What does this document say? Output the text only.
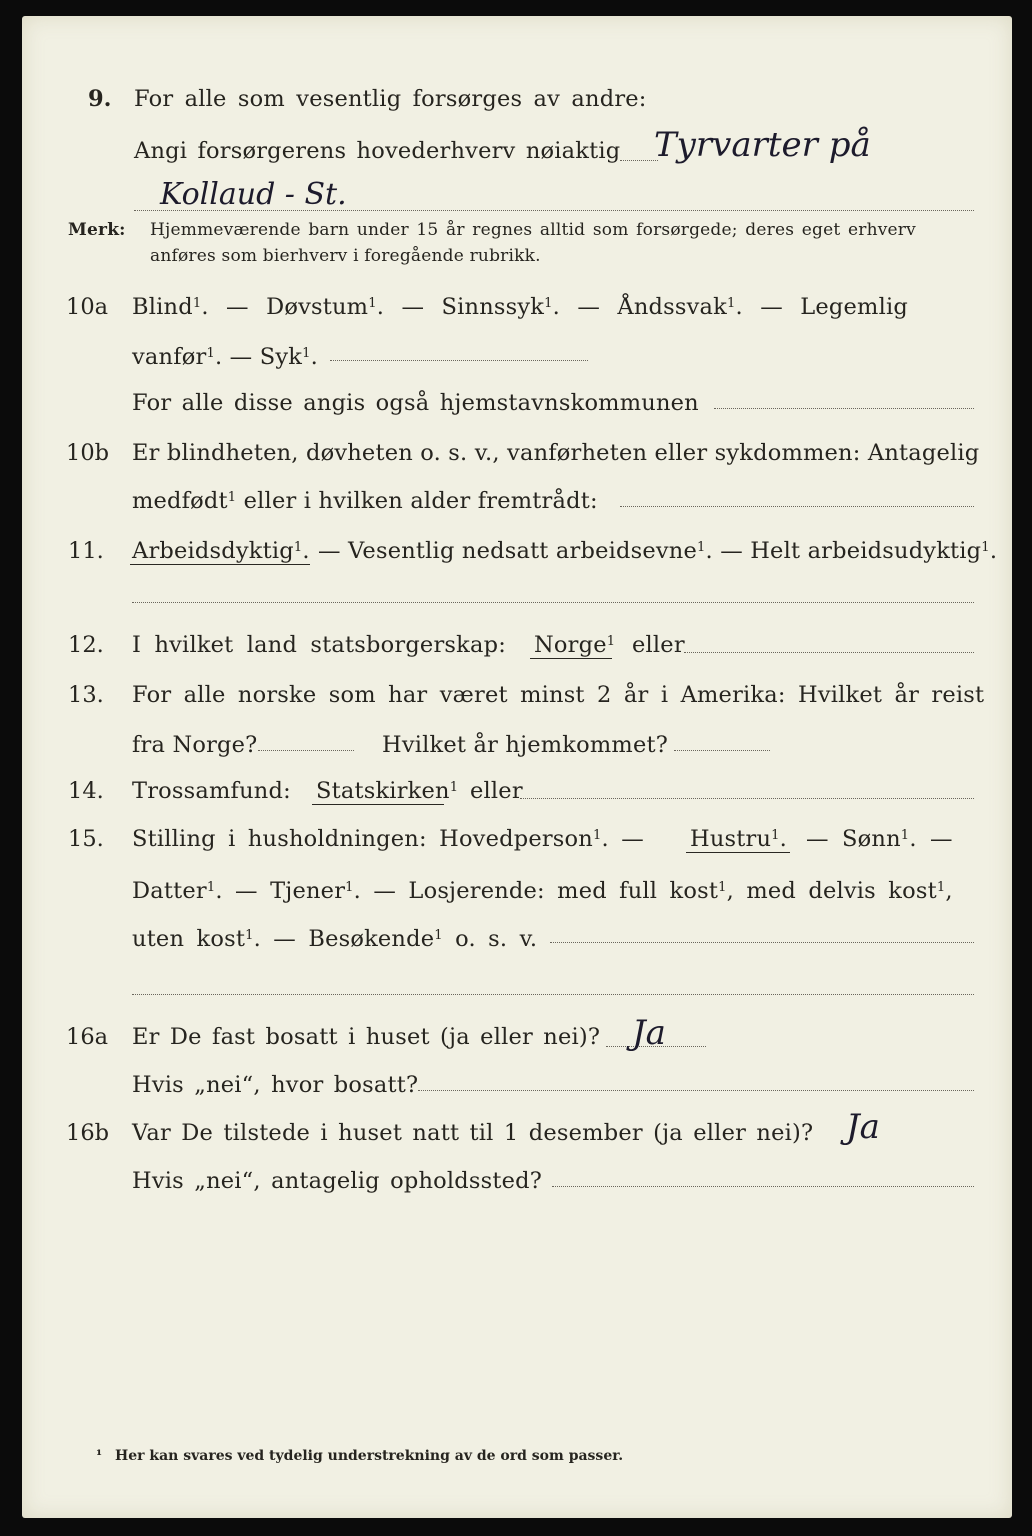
9. For alle som vesentlig forsørges av andre:
Angi forsørgerens hovederhverv nøiaktig Tyrvarter på
Kollaud - St.
Merk: Hjemmeværende barn under 15 år regnes alltid som forsørgede; deres eget erhverv
anføres som bierhverv i foregående rubrikk.
10a Blind$^1$. — Døvstum$^1$. — Sinnssyk$^1$. — Åndssvak$^1$. — Legemlig
vanfør$^1$. — Syk$^1$.
For alle disse angis også hjemstavnskommunen
10b Er blindheten, døvheten o. s. v., vanførheten eller sykdommen: Antagelig
medfødt$^1$ eller i hvilken alder fremtrådt:
11. Arbeidsdyktig$^1$. — Vesentlig nedsatt arbeidsevne$^1$. — Helt arbeidsudyktig$^1$.
12. I hvilket land statsborgerskap: Norge$^1$ eller
13. For alle norske som har været minst 2 år i Amerika: Hvilket år reist
fra Norge?	Hvilket år hjemkommet?
14. Trossamfund: Statskirken$^1$ eller
15. Stilling i husholdningen: Hovedperson$^1$. — Hustru$^1$. — Sønn$^1$. —
Datter$^1$. — Tjener$^1$. — Losjerende: med full kost$^1$, med delvis kost$^1$,
uten kost$^1$. — Besøkende$^1$ o. s. v.
16a Er De fast bosatt i huset (ja eller nei)? Ja
Hvis „nei“, hvor bosatt?
16b Var De tilstede i huset natt til 1 desember (ja eller nei)? Ja
Hvis „nei“, antagelig opholdssted?
¹ Her kan svares ved tydelig understrekning av de ord som passer.
